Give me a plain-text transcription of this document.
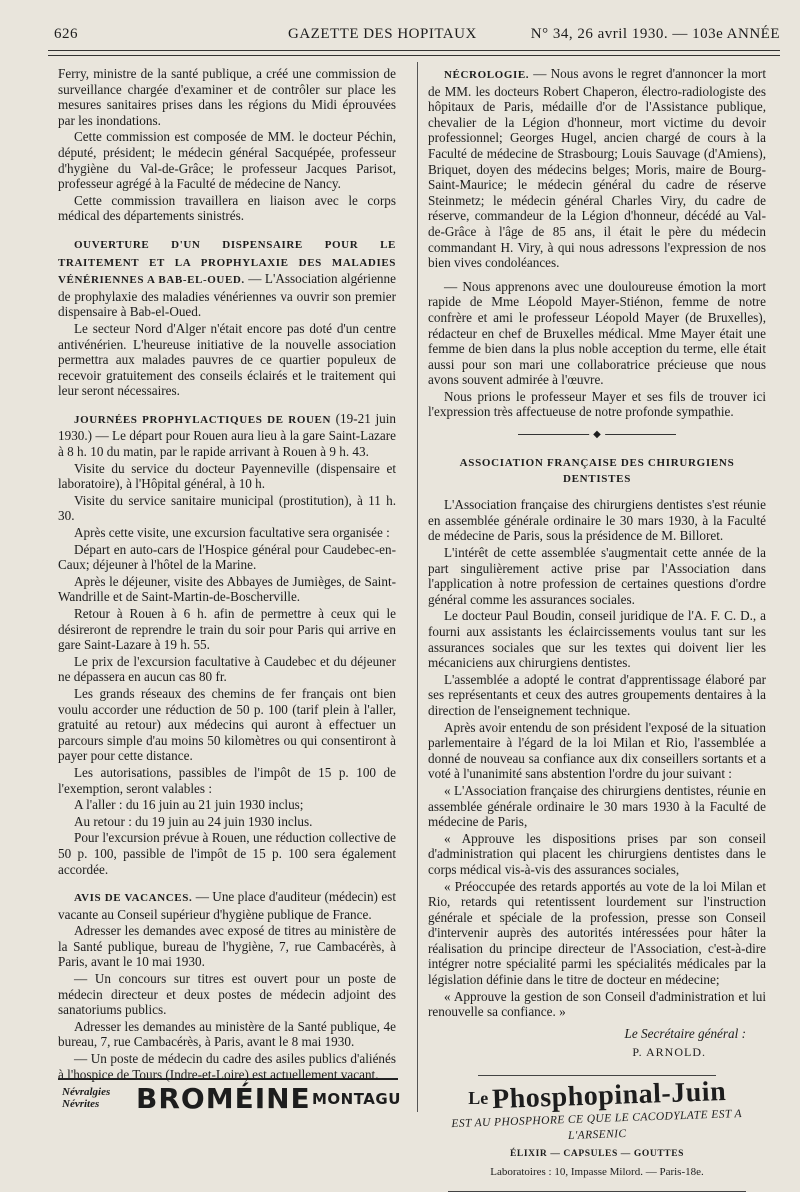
626	GAZETTE DES HOPITAUX	N° 34, 26 avril 1930. — 103e ANNÉE

Ferry, ministre de la santé publique, a créé une commission de surveillance chargée d'examiner et de contrôler sur place les mesures sanitaires prises dans les régions du Midi éprouvées par les inondations.

Cette commission est composée de MM. le docteur Péchin, député, président; le médecin général Sacquépée, professeur d'hygiène du Val-de-Grâce; le professeur Jacques Parisot, professeur agrégé à la Faculté de médecine de Nancy.

Cette commission travaillera en liaison avec le corps médical des départements sinistrés.

OUVERTURE D'UN DISPENSAIRE POUR LE TRAITEMENT ET LA PROPHYLAXIE DES MALADIES VÉNÉRIENNES A BAB-EL-OUED. — L'Association algérienne de prophylaxie des maladies vénériennes va ouvrir son premier dispensaire à Bab-el-Oued.

Le secteur Nord d'Alger n'était encore pas doté d'un centre antivénérien. L'heureuse initiative de la nouvelle association permettra aux malades pauvres de ce quartier populeux de recevoir gratuitement des conseils éclairés et le traitement qui leur seront nécessaires.

JOURNÉES PROPHYLACTIQUES DE ROUEN (19-21 juin 1930.) — Le départ pour Rouen aura lieu à la gare Saint-Lazare à 8 h. 10 du matin, par le rapide arrivant à Rouen à 9 h. 43.

Visite du service du docteur Payenneville (dispensaire et laboratoire), à l'Hôpital général, à 10 h.

Visite du service sanitaire municipal (prostitution), à 11 h. 30.

Après cette visite, une excursion facultative sera organisée :

Départ en auto-cars de l'Hospice général pour Caudebec-en-Caux; déjeuner à l'hôtel de la Marine.

Après le déjeuner, visite des Abbayes de Jumièges, de Saint-Wandrille et de Saint-Martin-de-Boscherville.

Retour à Rouen à 6 h. afin de permettre à ceux qui le désireront de reprendre le train du soir pour Paris qui arrive en gare Saint-Lazare à 19 h. 55.

Le prix de l'excursion facultative à Caudebec et du déjeuner ne dépassera en aucun cas 80 fr.

Les grands réseaux des chemins de fer français ont bien voulu accorder une réduction de 50 p. 100 (tarif plein à l'aller, gratuité au retour) aux médecins qui auront à effectuer un parcours simple d'au moins 50 kilomètres ou qui consentiront à payer pour cette distance.

Les autorisations, passibles de l'impôt de 15 p. 100 de l'exemption, seront valables :

A l'aller : du 16 juin au 21 juin 1930 inclus;

Au retour : du 19 juin au 24 juin 1930 inclus.

Pour l'excursion prévue à Rouen, une réduction collective de 50 p. 100, passible de l'impôt de 15 p. 100 sera également accordée.

AVIS DE VACANCES. — Une place d'auditeur (médecin) est vacante au Conseil supérieur d'hygiène publique de France.

Adresser les demandes avec exposé de titres au ministère de la Santé publique, bureau de l'hygiène, 7, rue Cambacérès, à Paris, avant le 10 mai 1930.

— Un concours sur titres est ouvert pour un poste de médecin directeur et deux postes de médecin adjoint des sanatoriums publics.

Adresser les demandes au ministère de la Santé publique, 4e bureau, 7, rue Cambacérès, à Paris, avant le 8 mai 1930.

— Un poste de médecin du cadre des asiles publics d'aliénés à l'hospice de Tours (Indre-et-Loire) est actuellement vacant.

NÉCROLOGIE. — Nous avons le regret d'annoncer la mort de MM. les docteurs Robert Chaperon, électro-radiologiste des hôpitaux de Paris, médaille d'or de l'Assistance publique, chevalier de la Légion d'honneur, mort victime du devoir professionnel; Georges Hugel, ancien chargé de cours à la Faculté de médecine de Strasbourg; Louis Sauvage (d'Amiens), Briquet, doyen des médecins belges; Moris, maire de Bourg-Saint-Maurice; le médecin général du cadre de réserve Steinmetz; le médecin général Charles Viry, du cadre de réserve, commandeur de la Légion d'honneur, décédé au Val-de-Grâce à l'âge de 85 ans, il était le père du médecin commandant H. Viry, à qui nous adressons l'expression de nos bien vives condoléances.

— Nous apprenons avec une douloureuse émotion la mort rapide de Mme Léopold Mayer-Stiénon, femme de notre confrère et ami le professeur Léopold Mayer (de Bruxelles), rédacteur en chef de Bruxelles médical. Mme Mayer était une femme de bien dans la plus noble acception du terme, elle était aussi pour son mari une collaboratrice précieuse que nous avons souvent admirée à l'œuvre.

Nous prions le professeur Mayer et ses fils de trouver ici l'expression très affectueuse de notre profonde sympathie.

◆
ASSOCIATION FRANÇAISE DES CHIRURGIENS DENTISTES

L'Association française des chirurgiens dentistes s'est réunie en assemblée générale ordinaire le 30 mars 1930, à la Faculté de médecine de Paris, sous la présidence de M. Billoret.

L'intérêt de cette assemblée s'augmentait cette année de la part singulièrement active prise par l'Association dans l'application à notre profession de certaines questions d'ordre général comme les assurances sociales.

Le docteur Paul Boudin, conseil juridique de l'A. F. C. D., a fourni aux assistants les éclaircissements voulus tant sur les assurances sociales que sur les textes qui doivent lier les mécaniciens aux chirurgiens dentistes.

L'assemblée a adopté le contrat d'apprentissage élaboré par ses représentants et ceux des autres groupements dentaires à la direction de l'enseignement technique.

Après avoir entendu de son président l'exposé de la situation parlementaire à l'égard de la loi Milan et Rio, l'assemblée a donné de nouveau sa confiance aux dix conseillers sortants et a voté à l'unanimité sans abstention l'ordre du jour suivant :

« L'Association française des chirurgiens dentistes, réunie en assemblée générale ordinaire le 30 mars 1930 à la Faculté de médecine de Paris,

« Approuve les dispositions prises par son conseil d'administration qui placent les chirurgiens dentistes dans le corps médical vis-à-vis des assurances sociales,

« Préoccupée des retards apportés au vote de la loi Milan et Rio, retards qui retentissent lourdement sur l'instruction générale et spéciale de la profession, presse son Conseil d'intervenir auprès des autorités intéressées pour hâter la réalisation du principe directeur de l'Association, c'est-à-dire intégrer notre spécialité parmi les spécialités médicales par la législation définie dans le titre de docteur en médecine;

« Approuve la gestion de son Conseil d'administration et lui renouvelle sa confiance. »

Le Secrétaire général :
P. ARNOLD.
Le Phosphopinal-Juin
EST AU PHOSPHORE CE QUE LE CACODYLATE EST A L'ARSENIC
ÉLIXIR — CAPSULES — GOUTTES
Laboratoires : 10, Impasse Milord. — Paris-18e.
Névralgies
Névrites	BROMÉINE MONTAGU
